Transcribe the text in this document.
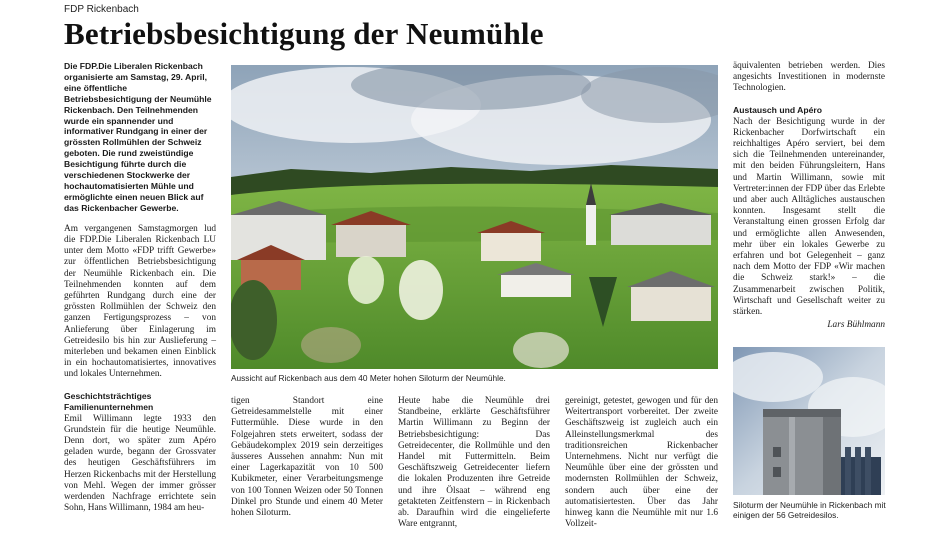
FDP Rickenbach
Betriebsbesichtigung der Neumühle

Die FDP.Die Liberalen Rickenbach organisierte am Samstag, 29. April, eine öffentliche Betriebsbesichtigung der Neumühle Rickenbach. Den Teilnehmenden wurde ein spannender und informativer Rundgang in einer der grössten Rollmühlen der Schweiz geboten. Die rund zweistündige Besichtigung führte durch die verschiedenen Stockwerke der hochautomatisierten Mühle und ermöglichte einen neuen Blick auf das Rickenbacher Gewerbe.

Am vergangenen Samstagmorgen lud die FDP.Die Liberalen Rickenbach LU unter dem Motto «FDP trifft Gewerbe» zur öffentlichen Betriebsbesichtigung der Neumühle Rickenbach ein. Die Teilnehmenden konnten auf dem geführten Rundgang durch eine der grössten Rollmühlen der Schweiz den ganzen Fertigungsprozess – von Anlieferung über Einlagerung im Getreidesilo bis hin zur Auslieferung – miterleben und bekamen einen Einblick in ein hochautomatisiertes, innovatives und lokales Unternehmen.

Geschichtsträchtiges Familienunternehmen

Emil Willimann legte 1933 den Grundstein für die heutige Neumühle. Denn dort, wo später zum Apéro geladen wurde, begann der Grossvater des heutigen Geschäftsführers im Herzen Rickenbachs mit der Herstellung von Mehl. Wegen der immer grösser werdenden Nachfrage errichtete sein Sohn, Hans Willimann, 1984 am heu-

Aussicht auf Rickenbach aus dem 40 Meter hohen Siloturm der Neumühle.

tigen Standort eine Getreidesammelstelle mit einer Futtermühle. Diese wurde in den Folgejahren stets erweitert, sodass der Gebäudekomplex 2019 sein derzeitiges äusseres Aussehen annahm: Nun mit einer Lagerkapazität von 10 500 Kubikmeter, einer Verarbeitungsmenge von 100 Tonnen Weizen oder 50 Tonnen Dinkel pro Stunde und einem 40 Meter hohen Siloturm.

Heute habe die Neumühle drei Standbeine, erklärte Geschäftsführer Martin Willimann zu Beginn der Betriebsbesichtigung: Das Getreidecenter, die Rollmühle und den Handel mit Futtermitteln. Beim Geschäftszweig Getreidecenter liefern die lokalen Produzenten ihre Getreide und ihre Ölsaat – während eng getakteten Zeitfenstern – in Rickenbach ab. Daraufhin wird die eingelieferte Ware entgrannt,

gereinigt, getestet, gewogen und für den Weitertransport vorbereitet. Der zweite Geschäftszweig ist zugleich auch ein Alleinstellungsmerkmal des traditionsreichen Rickenbacher Unternehmens. Nicht nur verfügt die Neumühle über eine der grössten und modernsten Rollmühlen der Schweiz, sondern auch über eine der automatisiertesten. Über das Jahr hinweg kann die Neumühle mit nur 1.6 Vollzeit-

äquivalenten betrieben werden. Dies angesichts Investitionen in modernste Technologien.

Austausch und Apéro

Nach der Besichtigung wurde in der Rickenbacher Dorfwirtschaft ein reichhaltiges Apéro serviert, bei dem sich die Teilnehmenden untereinander, mit den beiden Führungsleitern, Hans und Martin Willimann, sowie mit Vertreter:innen der FDP über das Erlebte und aber auch Alltägliches austauschen konnten. Insgesamt stellt die Veranstaltung einen grossen Erfolg dar und ermöglichte allen Anwesenden, mehr über ein lokales Gewerbe zu erfahren und bot Gelegenheit – ganz nach dem Motto der FDP «Wir machen die Schweiz stark!» – die Zusammenarbeit zwischen Politik, Wirtschaft und Gesellschaft weiter zu stärken.

Lars Bühlmann
Siloturm der Neumühle in Rickenbach mit einigen der 56 Getreidesilos.
